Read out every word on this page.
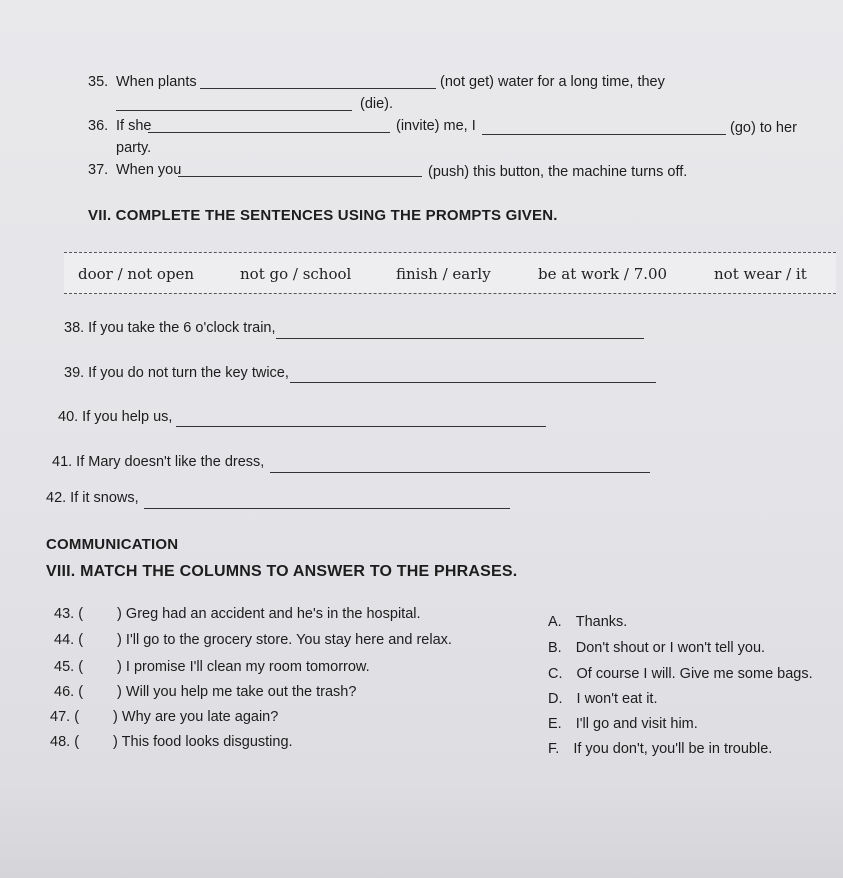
35. When plants	(not get) water for a long time, they
(die).
36. If she	(invite) me, I	(go) to her
party.
37. When you	(push) this button, the machine turns off.
VII. COMPLETE THE SENTENCES USING THE PROMPTS GIVEN.
door / not open	not go / school	finish / early	be at work / 7.00	not wear / it
38. If you take the 6 o'clock train,
39. If you do not turn the key twice,
40. If you help us,
41. If Mary doesn't like the dress,
42. If it snows,
COMMUNICATION
VIII. MATCH THE COLUMNS TO ANSWER TO THE PHRASES.
43. ( ) Greg had an accident and he's in the hospital.
44. ( ) I'll go to the grocery store. You stay here and relax.
45. ( ) I promise I'll clean my room tomorrow.
46. ( ) Will you help me take out the trash?
47. ( ) Why are you late again?
48. ( ) This food looks disgusting.
A. Thanks.
B. Don't shout or I won't tell you.
C. Of course I will. Give me some bags.
D. I won't eat it.
E. I'll go and visit him.
F. If you don't, you'll be in trouble.
